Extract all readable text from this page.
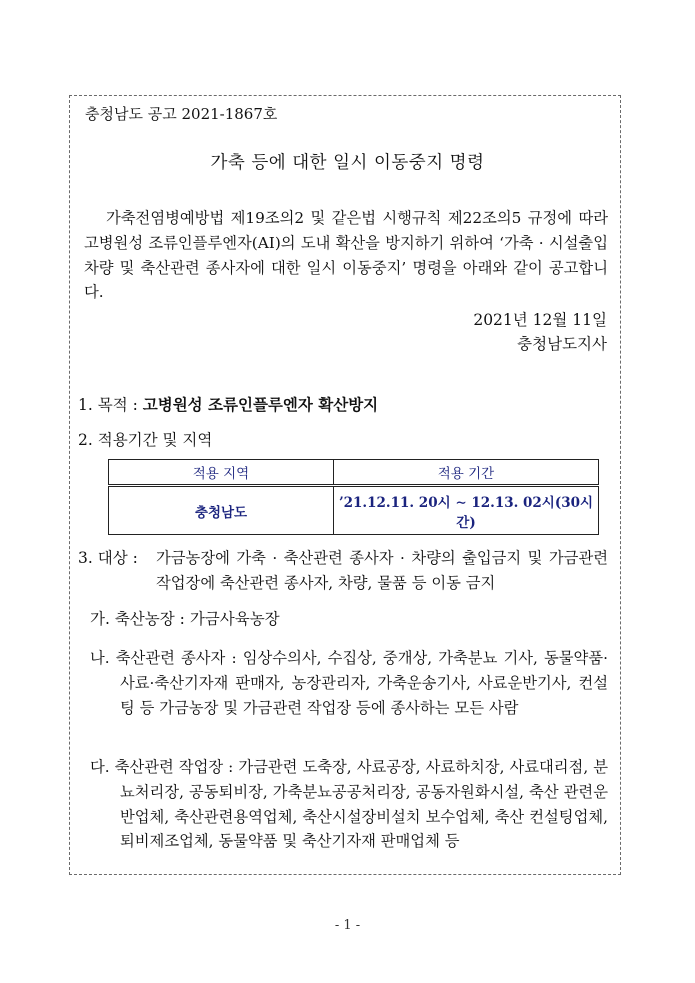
충청남도 공고 2021-1867호
가축 등에 대한 일시 이동중지 명령
가축전염병예방법 제19조의2 및 같은법 시행규칙 제22조의5 규정에 따라 고병원성 조류인플루엔자(AI)의 도내 확산을 방지하기 위하여 ‘가축 · 시설출입차량 및 축산관련 종사자에 대한 일시 이동중지’ 명령을 아래와 같이 공고합니다.
2021년 12월 11일
충청남도지사
1. 목적 : 고병원성 조류인플루엔자 확산방지
2. 적용기간 및 지역
적용 지역	적용 기간
충청남도	’21.12.11. 20시 ∼ 12.13. 02시(30시간)
3. 대상 : 가금농장에 가축 · 축산관련 종사자 · 차량의 출입금지 및 가금관련 작업장에 축산관련 종사자, 차량, 물품 등 이동 금지
가. 축산농장 : 가금사육농장
나. 축산관련 종사자 : 임상수의사, 수집상, 중개상, 가축분뇨 기사, 동물약품·사료·축산기자재 판매자, 농장관리자, 가축운송기사, 사료운반기사, 컨설팅 등 가금농장 및 가금관련 작업장 등에 종사하는 모든 사람
다. 축산관련 작업장 : 가금관련 도축장, 사료공장, 사료하치장, 사료대리점, 분뇨처리장, 공동퇴비장, 가축분뇨공공처리장, 공동자원화시설, 축산 관련운반업체, 축산관련용역업체, 축산시설장비설치 보수업체, 축산 컨설팅업체, 퇴비제조업체, 동물약품 및 축산기자재 판매업체 등
- 1 -
